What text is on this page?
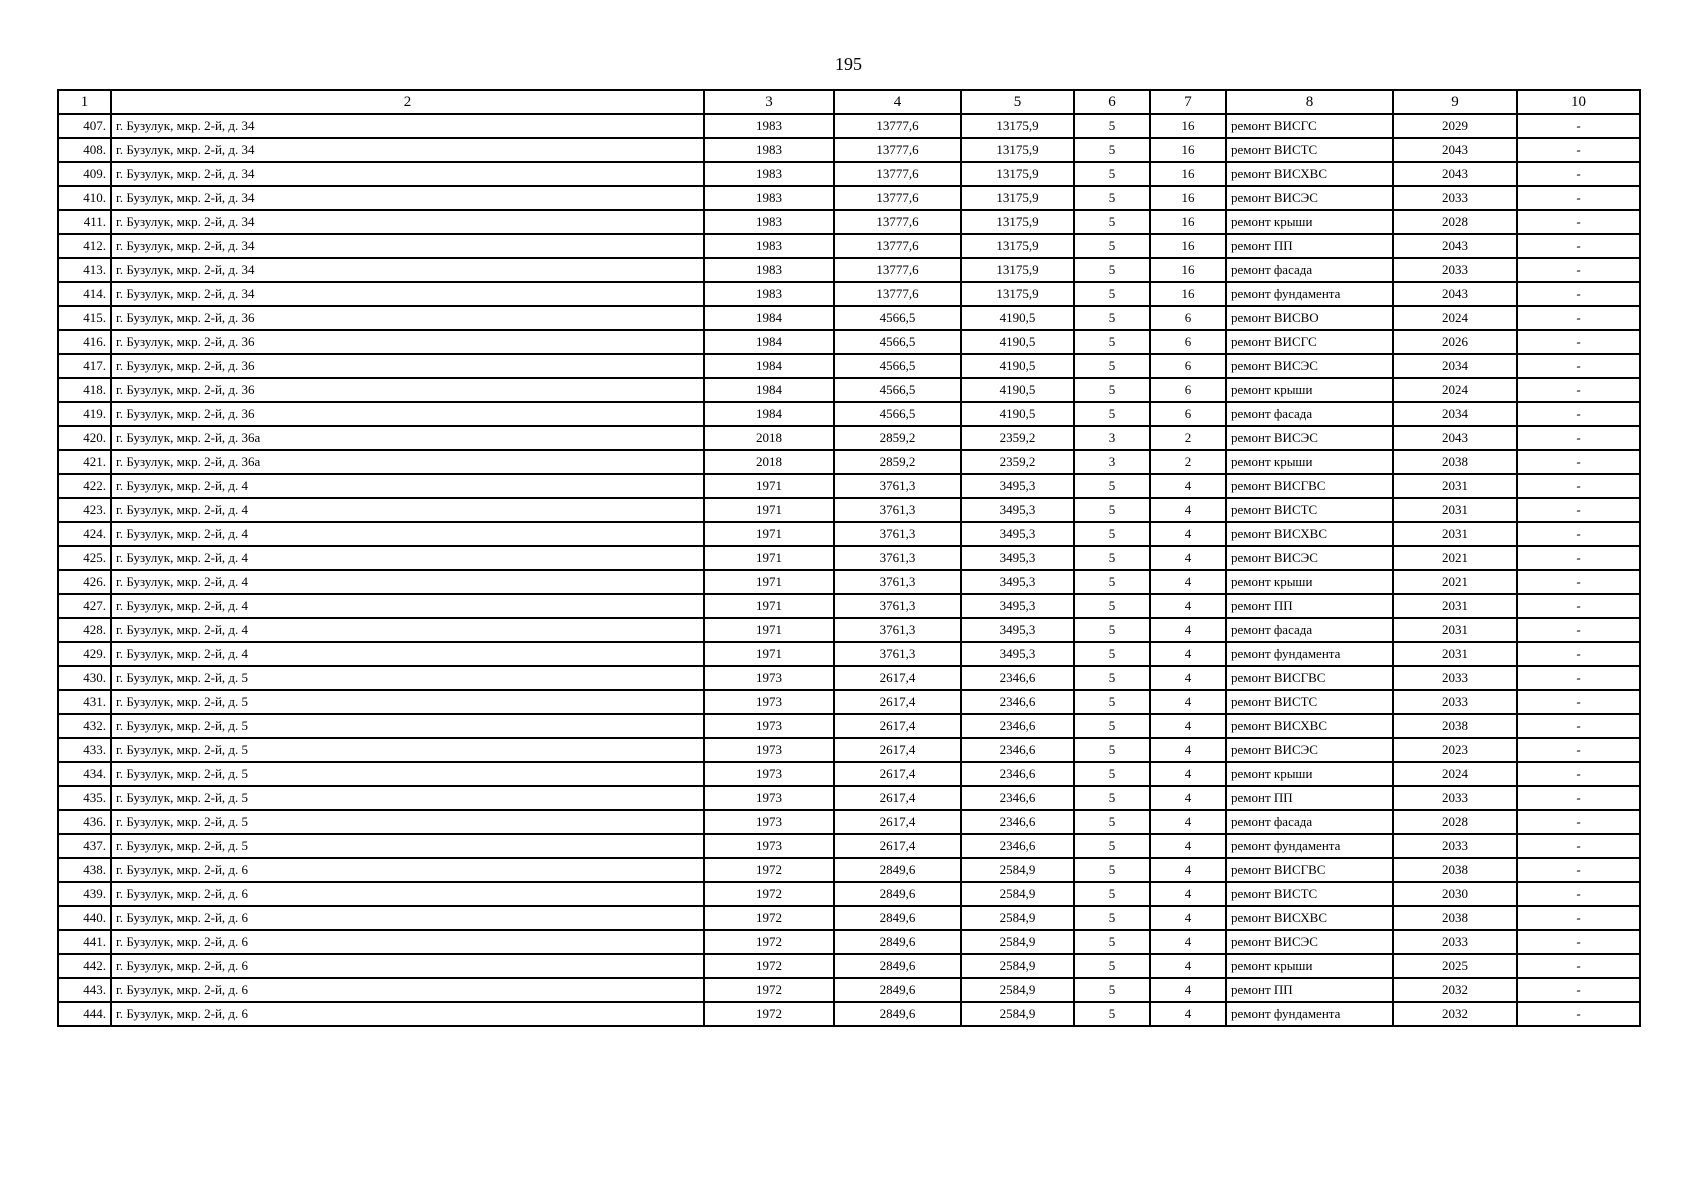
195
1	2	3	4	5	6	7	8	9	10
407.	г. Бузулук, мкр. 2-й, д. 34	1983	13777,6	13175,9	5	16	ремонт ВИСГС	2029	-
408.	г. Бузулук, мкр. 2-й, д. 34	1983	13777,6	13175,9	5	16	ремонт ВИСТС	2043	-
409.	г. Бузулук, мкр. 2-й, д. 34	1983	13777,6	13175,9	5	16	ремонт ВИСХВС	2043	-
410.	г. Бузулук, мкр. 2-й, д. 34	1983	13777,6	13175,9	5	16	ремонт ВИСЭС	2033	-
411.	г. Бузулук, мкр. 2-й, д. 34	1983	13777,6	13175,9	5	16	ремонт крыши	2028	-
412.	г. Бузулук, мкр. 2-й, д. 34	1983	13777,6	13175,9	5	16	ремонт ПП	2043	-
413.	г. Бузулук, мкр. 2-й, д. 34	1983	13777,6	13175,9	5	16	ремонт фасада	2033	-
414.	г. Бузулук, мкр. 2-й, д. 34	1983	13777,6	13175,9	5	16	ремонт фундамента	2043	-
415.	г. Бузулук, мкр. 2-й, д. 36	1984	4566,5	4190,5	5	6	ремонт ВИСВО	2024	-
416.	г. Бузулук, мкр. 2-й, д. 36	1984	4566,5	4190,5	5	6	ремонт ВИСГС	2026	-
417.	г. Бузулук, мкр. 2-й, д. 36	1984	4566,5	4190,5	5	6	ремонт ВИСЭС	2034	-
418.	г. Бузулук, мкр. 2-й, д. 36	1984	4566,5	4190,5	5	6	ремонт крыши	2024	-
419.	г. Бузулук, мкр. 2-й, д. 36	1984	4566,5	4190,5	5	6	ремонт фасада	2034	-
420.	г. Бузулук, мкр. 2-й, д. 36а	2018	2859,2	2359,2	3	2	ремонт ВИСЭС	2043	-
421.	г. Бузулук, мкр. 2-й, д. 36а	2018	2859,2	2359,2	3	2	ремонт крыши	2038	-
422.	г. Бузулук, мкр. 2-й, д. 4	1971	3761,3	3495,3	5	4	ремонт ВИСГВС	2031	-
423.	г. Бузулук, мкр. 2-й, д. 4	1971	3761,3	3495,3	5	4	ремонт ВИСТС	2031	-
424.	г. Бузулук, мкр. 2-й, д. 4	1971	3761,3	3495,3	5	4	ремонт ВИСХВС	2031	-
425.	г. Бузулук, мкр. 2-й, д. 4	1971	3761,3	3495,3	5	4	ремонт ВИСЭС	2021	-
426.	г. Бузулук, мкр. 2-й, д. 4	1971	3761,3	3495,3	5	4	ремонт крыши	2021	-
427.	г. Бузулук, мкр. 2-й, д. 4	1971	3761,3	3495,3	5	4	ремонт ПП	2031	-
428.	г. Бузулук, мкр. 2-й, д. 4	1971	3761,3	3495,3	5	4	ремонт фасада	2031	-
429.	г. Бузулук, мкр. 2-й, д. 4	1971	3761,3	3495,3	5	4	ремонт фундамента	2031	-
430.	г. Бузулук, мкр. 2-й, д. 5	1973	2617,4	2346,6	5	4	ремонт ВИСГВС	2033	-
431.	г. Бузулук, мкр. 2-й, д. 5	1973	2617,4	2346,6	5	4	ремонт ВИСТС	2033	-
432.	г. Бузулук, мкр. 2-й, д. 5	1973	2617,4	2346,6	5	4	ремонт ВИСХВС	2038	-
433.	г. Бузулук, мкр. 2-й, д. 5	1973	2617,4	2346,6	5	4	ремонт ВИСЭС	2023	-
434.	г. Бузулук, мкр. 2-й, д. 5	1973	2617,4	2346,6	5	4	ремонт крыши	2024	-
435.	г. Бузулук, мкр. 2-й, д. 5	1973	2617,4	2346,6	5	4	ремонт ПП	2033	-
436.	г. Бузулук, мкр. 2-й, д. 5	1973	2617,4	2346,6	5	4	ремонт фасада	2028	-
437.	г. Бузулук, мкр. 2-й, д. 5	1973	2617,4	2346,6	5	4	ремонт фундамента	2033	-
438.	г. Бузулук, мкр. 2-й, д. 6	1972	2849,6	2584,9	5	4	ремонт ВИСГВС	2038	-
439.	г. Бузулук, мкр. 2-й, д. 6	1972	2849,6	2584,9	5	4	ремонт ВИСТС	2030	-
440.	г. Бузулук, мкр. 2-й, д. 6	1972	2849,6	2584,9	5	4	ремонт ВИСХВС	2038	-
441.	г. Бузулук, мкр. 2-й, д. 6	1972	2849,6	2584,9	5	4	ремонт ВИСЭС	2033	-
442.	г. Бузулук, мкр. 2-й, д. 6	1972	2849,6	2584,9	5	4	ремонт крыши	2025	-
443.	г. Бузулук, мкр. 2-й, д. 6	1972	2849,6	2584,9	5	4	ремонт ПП	2032	-
444.	г. Бузулук, мкр. 2-й, д. 6	1972	2849,6	2584,9	5	4	ремонт фундамента	2032	-
